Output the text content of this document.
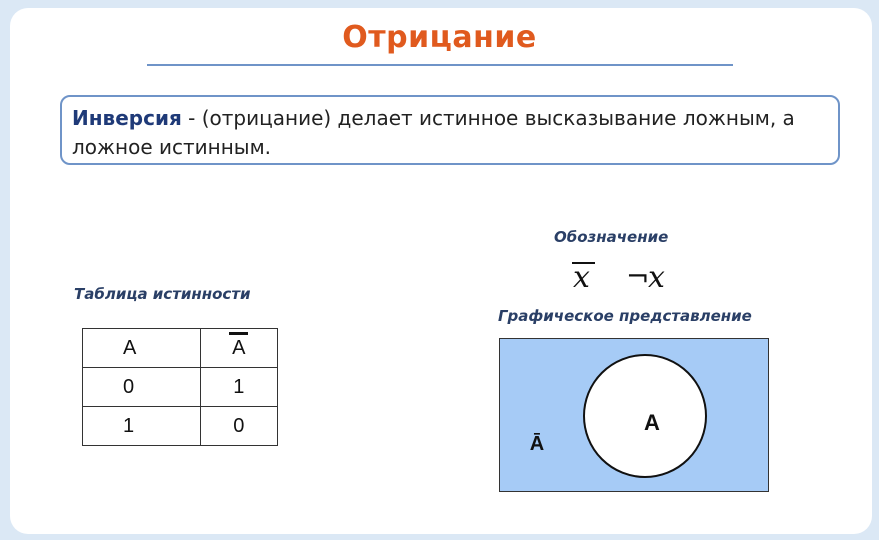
Отрицание
Инверсия - (отрицание) делает истинное высказывание ложным, а ложное истинным.
Таблица истинности
A	A
0	1
1	0
Обозначение
x ¬
x
Графическое представление
A
Ā
